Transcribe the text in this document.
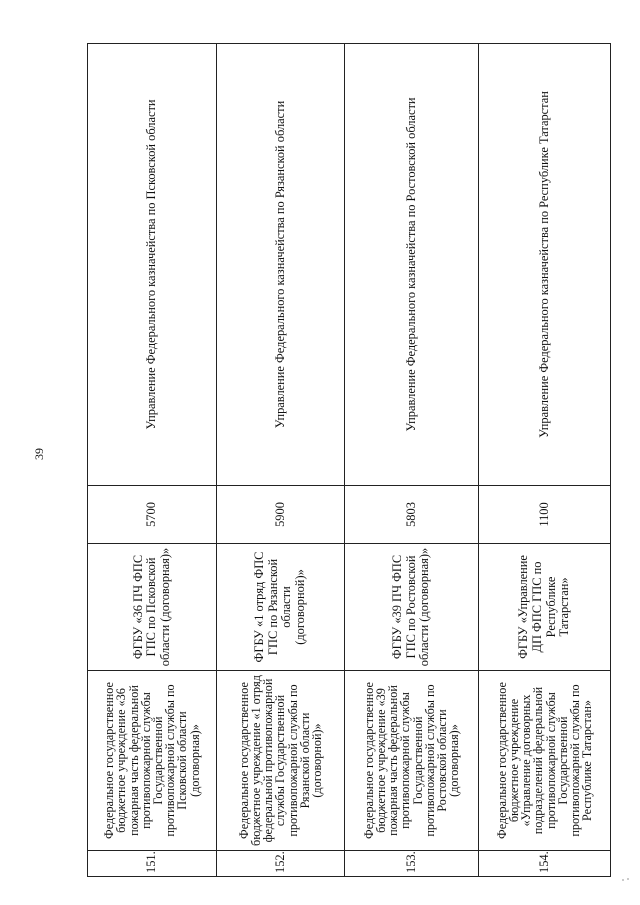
39

151.	Федеральное государственное бюджетное учреждение «36 пожарная часть федеральной противопожарной службы Государственной противопожарной службы по Псковской области (договорная)»	ФГБУ «36 ПЧ ФПС ГПС по Псковской области (договорная)»	5700	Управление Федерального казначейства по Псковской области
152.	Федеральное государственное бюджетное учреждение «1 отряд федеральной противопожарной службы Государственной противопожарной службы по Рязанской области (договорной)»	ФГБУ «1 отряд ФПС ГПС по Рязанской области (договорной)»	5900	Управление Федерального казначейства по Рязанской области
153.	Федеральное государственное бюджетное учреждение «39 пожарная часть федеральной противопожарной службы Государственной противопожарной службы по Ростовской области (договорная)»	ФГБУ «39 ПЧ ФПС ГПС по Ростовской области (договорная)»	5803	Управление Федерального казначейства по Ростовской области
154.	Федеральное государственное бюджетное учреждение «Управление договорных подразделений федеральной противопожарной службы Государственной противопожарной службы по Республике Татарстан»	ФГБУ «Управление ДП ФПС ГПС по Республике Татарстан»	1100	Управление Федерального казначейства по Республике Татарстан
